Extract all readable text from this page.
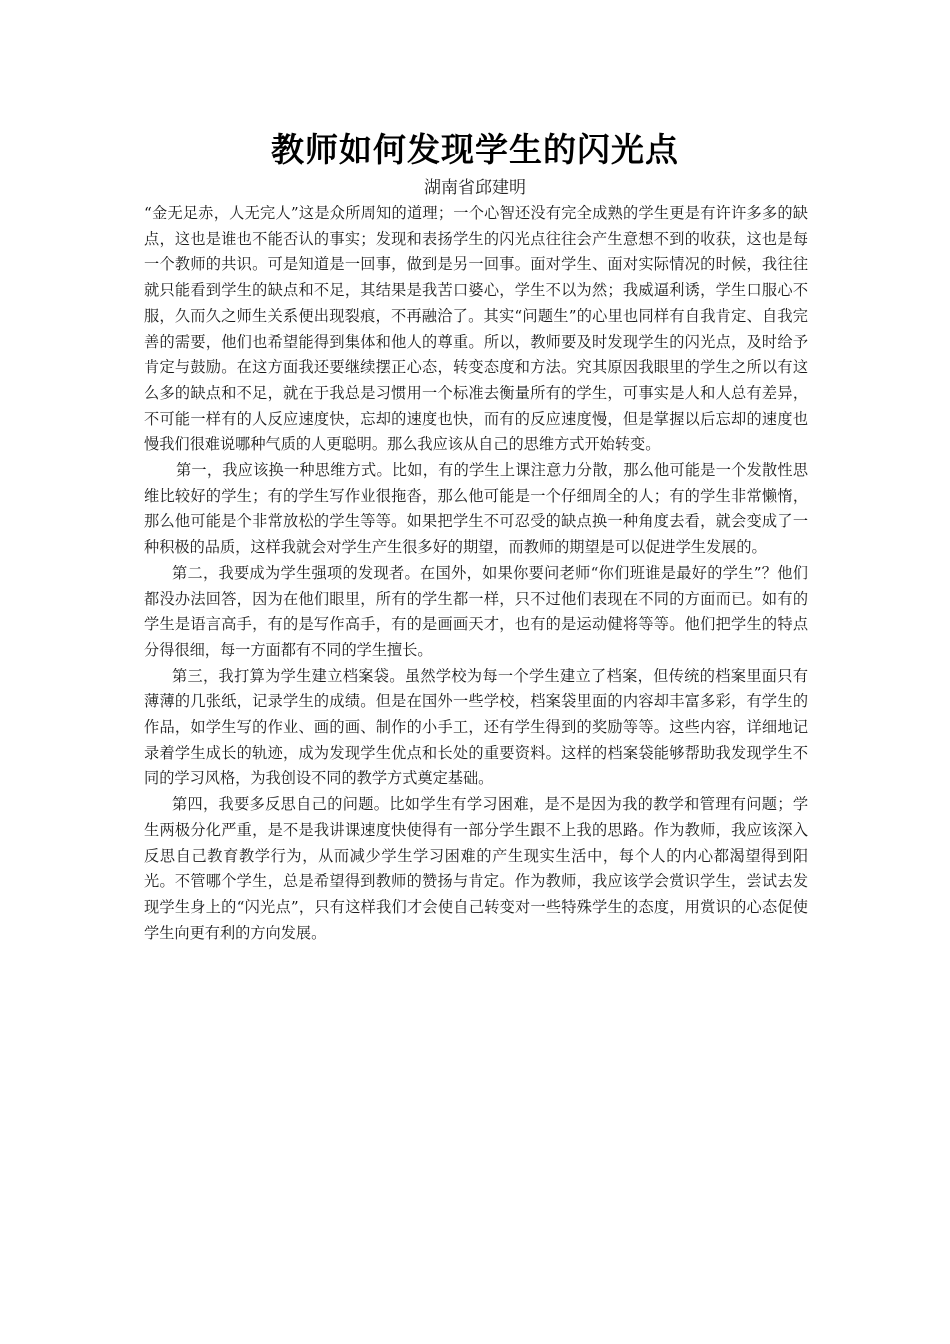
教师如何发现学生的闪光点
湖南省邱建明

“金无足赤，人无完人”这是众所周知的道理；一个心智还没有完全成熟的学生更是有许许多多的缺点，这也是谁也不能否认的事实；发现和表扬学生的闪光点往往会产生意想不到的收获，这也是每一个教师的共识。可是知道是一回事，做到是另一回事。面对学生、面对实际情况的时候，我往往就只能看到学生的缺点和不足，其结果是我苦口婆心，学生不以为然；我威逼利诱，学生口服心不服，久而久之师生关系便出现裂痕，不再融洽了。其实“问题生”的心里也同样有自我肯定、自我完善的需要，他们也希望能得到集体和他人的尊重。所以，教师要及时发现学生的闪光点，及时给予肯定与鼓励。在这方面我还要继续摆正心态，转变态度和方法。究其原因我眼里的学生之所以有这么多的缺点和不足，就在于我总是习惯用一个标准去衡量所有的学生，可事实是人和人总有差异，不可能一样有的人反应速度快，忘却的速度也快，而有的反应速度慢，但是掌握以后忘却的速度也慢我们很难说哪种气质的人更聪明。那么我应该从自己的思维方式开始转变。

第一，我应该换一种思维方式。比如，有的学生上课注意力分散，那么他可能是一个发散性思维比较好的学生；有的学生写作业很拖沓，那么他可能是一个仔细周全的人；有的学生非常懒惰，那么他可能是个非常放松的学生等等。如果把学生不可忍受的缺点换一种角度去看，就会变成了一种积极的品质，这样我就会对学生产生很多好的期望，而教师的期望是可以促进学生发展的。

第二，我要成为学生强项的发现者。在国外，如果你要问老师“你们班谁是最好的学生”？他们都没办法回答，因为在他们眼里，所有的学生都一样，只不过他们表现在不同的方面而已。如有的学生是语言高手，有的是写作高手，有的是画画天才，也有的是运动健将等等。他们把学生的特点分得很细，每一方面都有不同的学生擅长。

第三，我打算为学生建立档案袋。虽然学校为每一个学生建立了档案，但传统的档案里面只有薄薄的几张纸，记录学生的成绩。但是在国外一些学校，档案袋里面的内容却丰富多彩，有学生的作品，如学生写的作业、画的画、制作的小手工，还有学生得到的奖励等等。这些内容，详细地记录着学生成长的轨迹，成为发现学生优点和长处的重要资料。这样的档案袋能够帮助我发现学生不同的学习风格，为我创设不同的教学方式奠定基础。

第四，我要多反思自己的问题。比如学生有学习困难，是不是因为我的教学和管理有问题；学生两极分化严重，是不是我讲课速度快使得有一部分学生跟不上我的思路。作为教师，我应该深入反思自己教育教学行为，从而减少学生学习困难的产生现实生活中，每个人的内心都渴望得到阳光。不管哪个学生，总是希望得到教师的赞扬与肯定。作为教师，我应该学会赏识学生，尝试去发现学生身上的“闪光点”，只有这样我们才会使自己转变对一些特殊学生的态度，用赏识的心态促使学生向更有利的方向发展。
